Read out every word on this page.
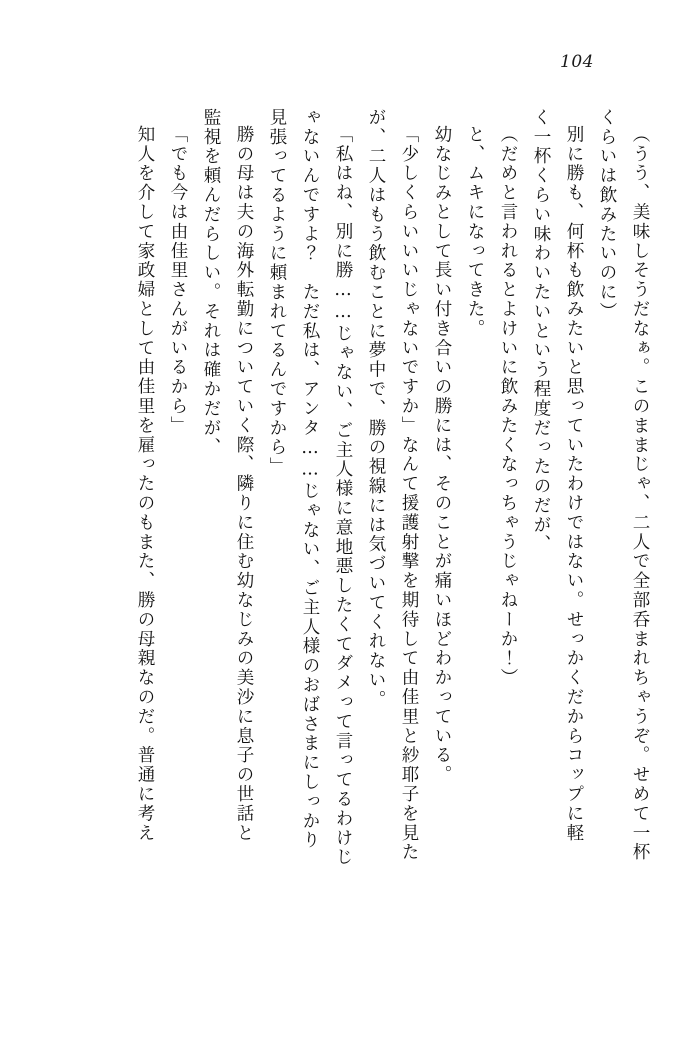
104
（うう、美味しそうだなぁ。このままじゃ、二人で全部呑まれちゃうぞ。せめて一杯
くらいは飲みたいのに）
別に勝も、何杯も飲みたいと思っていたわけではない。せっかくだからコップに軽
く一杯くらい味わいたいという程度だったのだが、
（だめと言われるとよけいに飲みたくなっちゃうじゃねーか！）
と、ムキになってきた。
幼なじみとして長い付き合いの勝には、そのことが痛いほどわかっている。
「少しくらいいいじゃないですか」なんて援護射撃を期待して由佳里と紗耶子を見た
が、二人はもう飲むことに夢中で、勝の視線には気づいてくれない。
「私はね、別に勝……じゃない、ご主人様に意地悪したくてダメって言ってるわけじ
ゃないんですよ？　ただ私は、アンタ……じゃない、ご主人様のおばさまにしっかり
見張ってるように頼まれてるんですから」
勝の母は夫の海外転勤についていく際、隣りに住む幼なじみの美沙に息子の世話と
監視を頼んだらしい。それは確かだが、
「でも今は由佳里さんがいるから」
知人を介して家政婦として由佳里を雇ったのもまた、勝の母親なのだ。普通に考え
